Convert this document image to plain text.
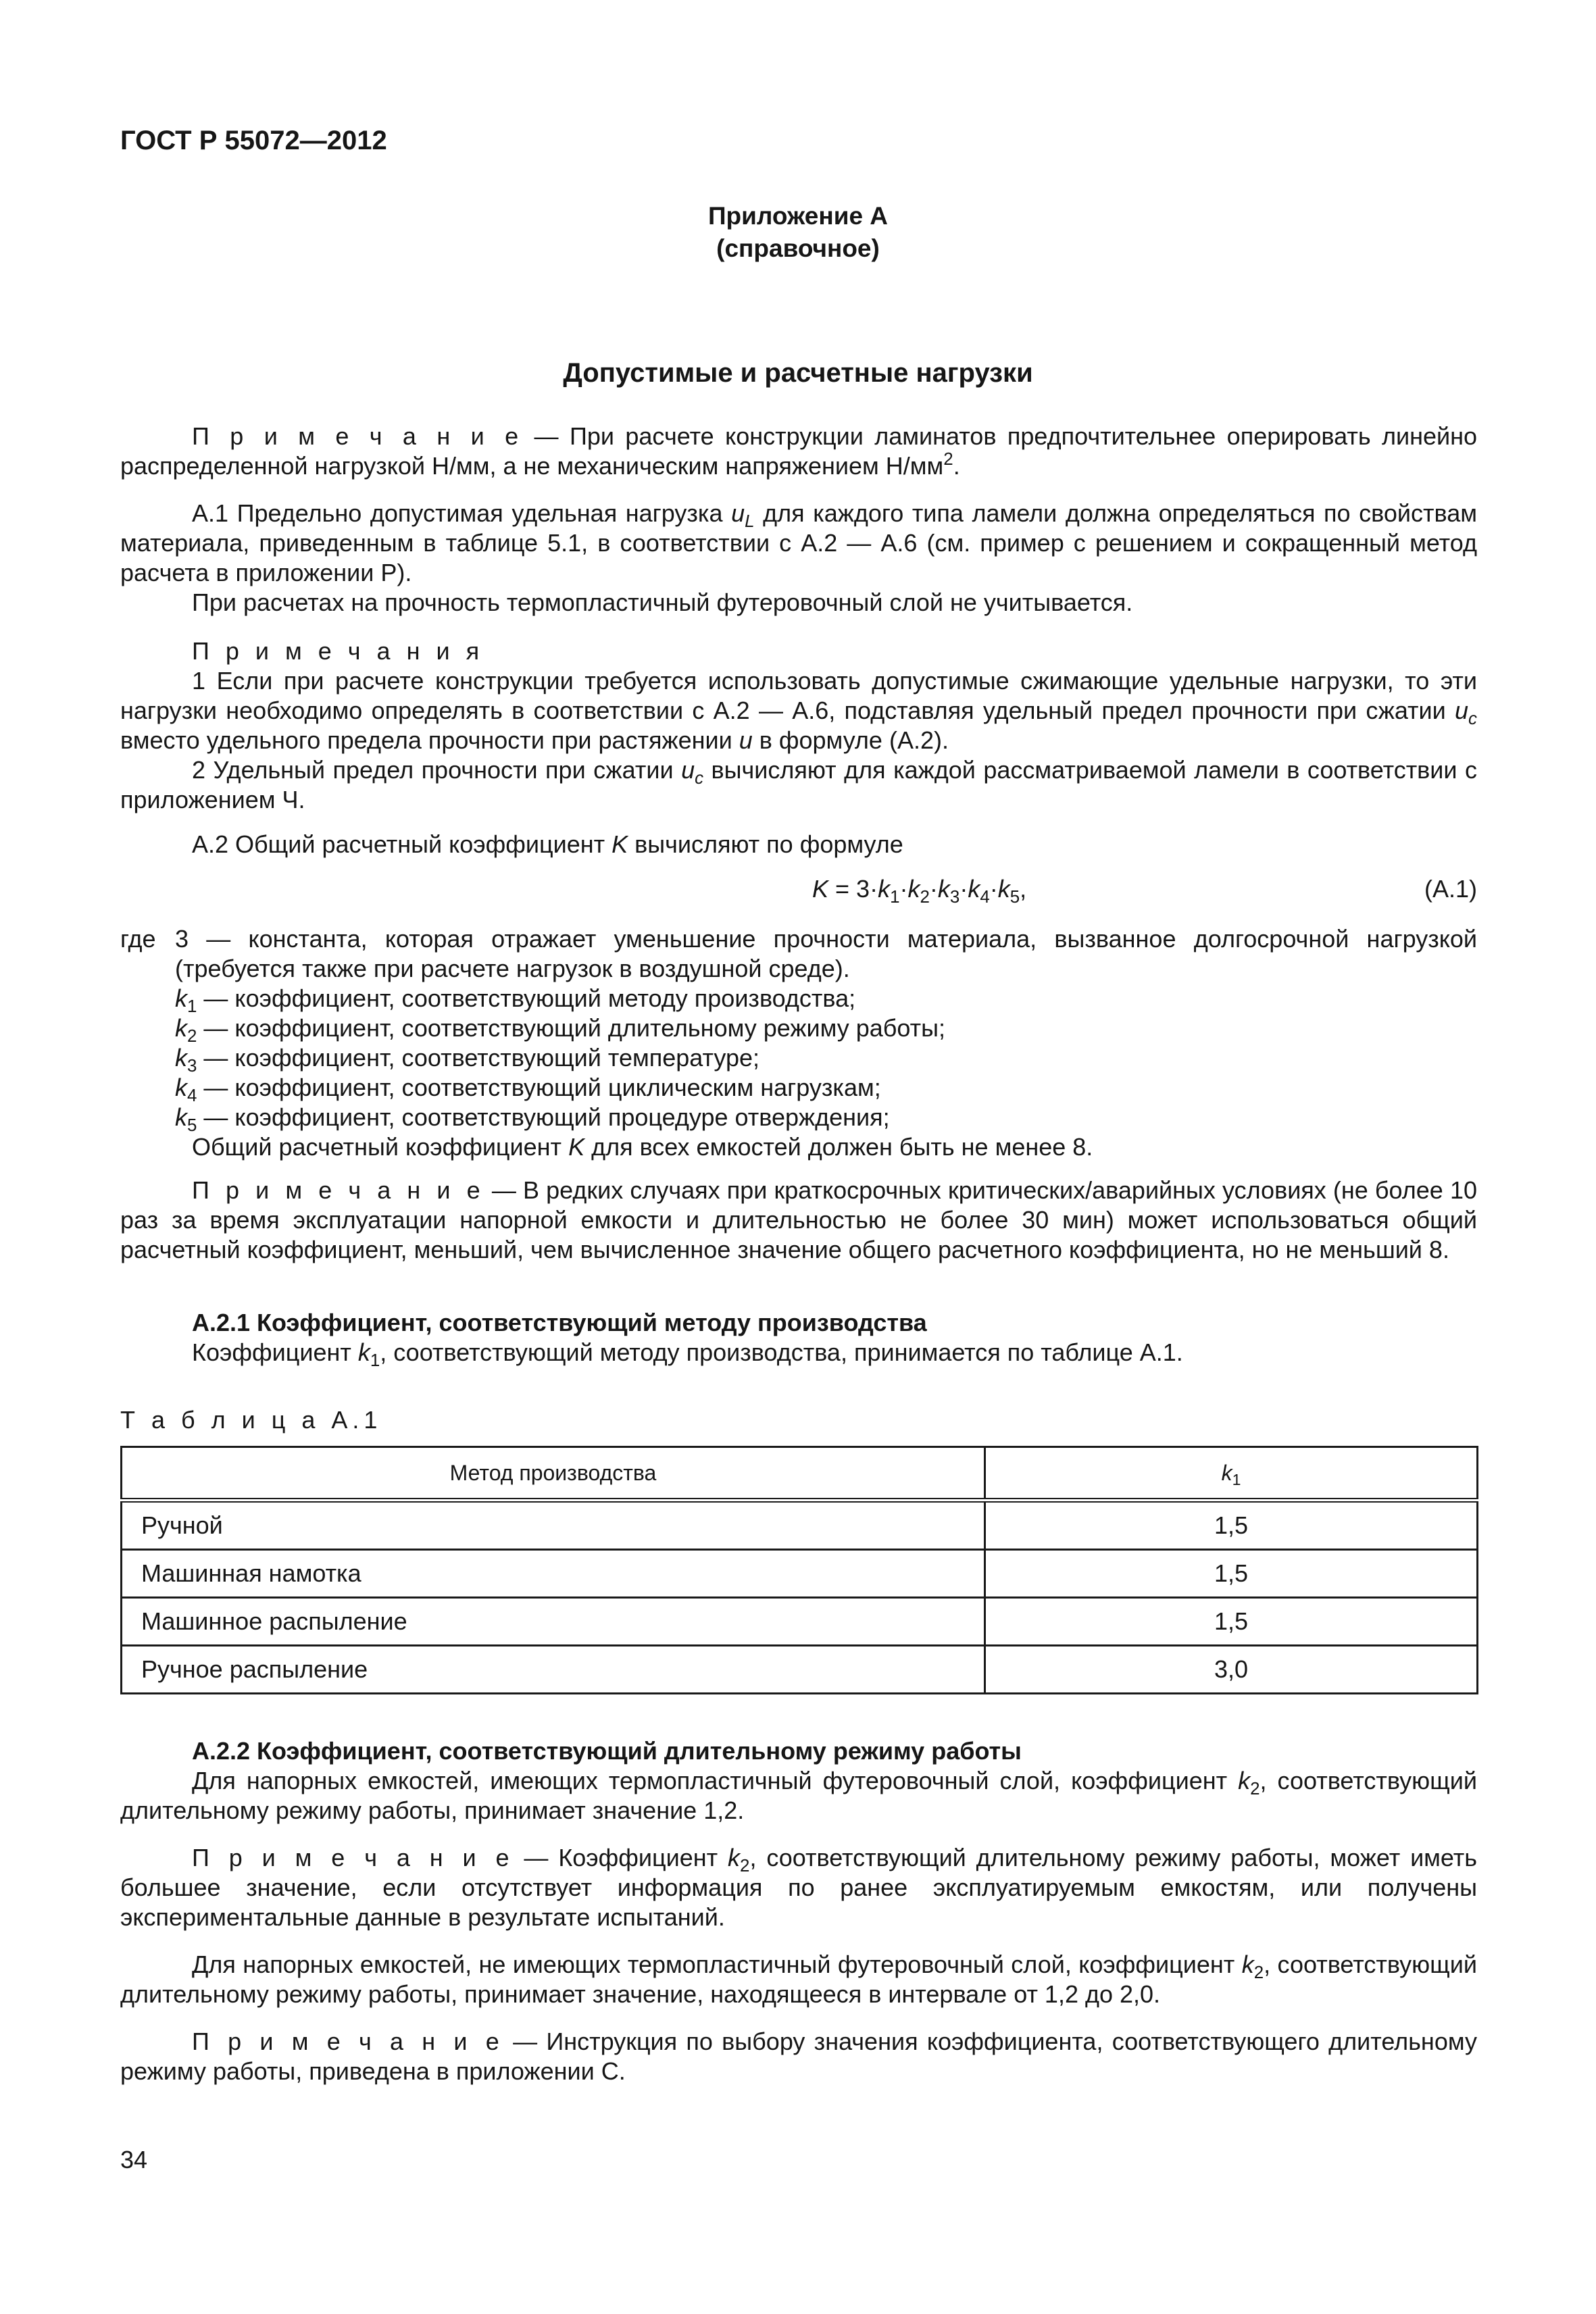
ГОСТ Р 55072—2012
Приложение А
(справочное)
Допустимые и расчетные нагрузки
П р и м е ч а н и е — При расчете конструкции ламинатов предпочтительнее оперировать линейно распределенной нагрузкой Н/мм, а не механическим напряжением $Н/мм^2$.
А.1 Предельно допустимая удельная нагрузка $u_L$ для каждого типа ламели должна определяться по свойствам материала, приведенным в таблице 5.1, в соответствии с А.2 — А.6 (см. пример с решением и сокращенный метод расчета в приложении Р).
При расчетах на прочность термопластичный футеровочный слой не учитывается.
П р и м е ч а н и я
1 Если при расчете конструкции требуется использовать допустимые сжимающие удельные нагрузки, то эти нагрузки необходимо определять в соответствии с А.2 — А.6, подставляя удельный предел прочности при сжатии $u_c$ вместо удельного предела прочности при растяжении u в формуле (А.2).
2 Удельный предел прочности при сжатии $u_c$ вычисляют для каждой рассматриваемой ламели в соответствии с приложением Ч.
А.2 Общий расчетный коэффициент K вычисляют по формуле
$K = 3\cdot k_1\cdot k_2\cdot k_3\cdot k_4\cdot k_5$,	(А.1)
где 3 — константа, которая отражает уменьшение прочности материала, вызванное долгосрочной нагрузкой (требуется также при расчете нагрузок в воздушной среде).
$k_1$ — коэффициент, соответствующий методу производства;
$k_2$ — коэффициент, соответствующий длительному режиму работы;
$k_3$ — коэффициент, соответствующий температуре;
$k_4$ — коэффициент, соответствующий циклическим нагрузкам;
$k_5$ — коэффициент, соответствующий процедуре отверждения;
Общий расчетный коэффициент K для всех емкостей должен быть не менее 8.
П р и м е ч а н и е — В редких случаях при краткосрочных критических/аварийных условиях (не более 10 раз за время эксплуатации напорной емкости и длительностью не более 30 мин) может использоваться общий расчетный коэффициент, меньший, чем вычисленное значение общего расчетного коэффициента, но не меньший 8.
А.2.1 Коэффициент, соответствующий методу производства
Коэффициент $k_1$, соответствующий методу производства, принимается по таблице А.1.
Т а б л и ц а А.1
Метод производства	$k_1$
Ручной	1,5
Машинная намотка	1,5
Машинное распыление	1,5
Ручное распыление	3,0
А.2.2 Коэффициент, соответствующий длительному режиму работы
Для напорных емкостей, имеющих термопластичный футеровочный слой, коэффициент $k_2$, соответствующий длительному режиму работы, принимает значение 1,2.
П р и м е ч а н и е — Коэффициент $k_2$, соответствующий длительному режиму работы, может иметь большее значение, если отсутствует информация по ранее эксплуатируемым емкостям, или получены экспериментальные данные в результате испытаний.
Для напорных емкостей, не имеющих термопластичный футеровочный слой, коэффициент $k_2$, соответствующий длительному режиму работы, принимает значение, находящееся в интервале от 1,2 до 2,0.
П р и м е ч а н и е — Инструкция по выбору значения коэффициента, соответствующего длительному режиму работы, приведена в приложении С.
34
